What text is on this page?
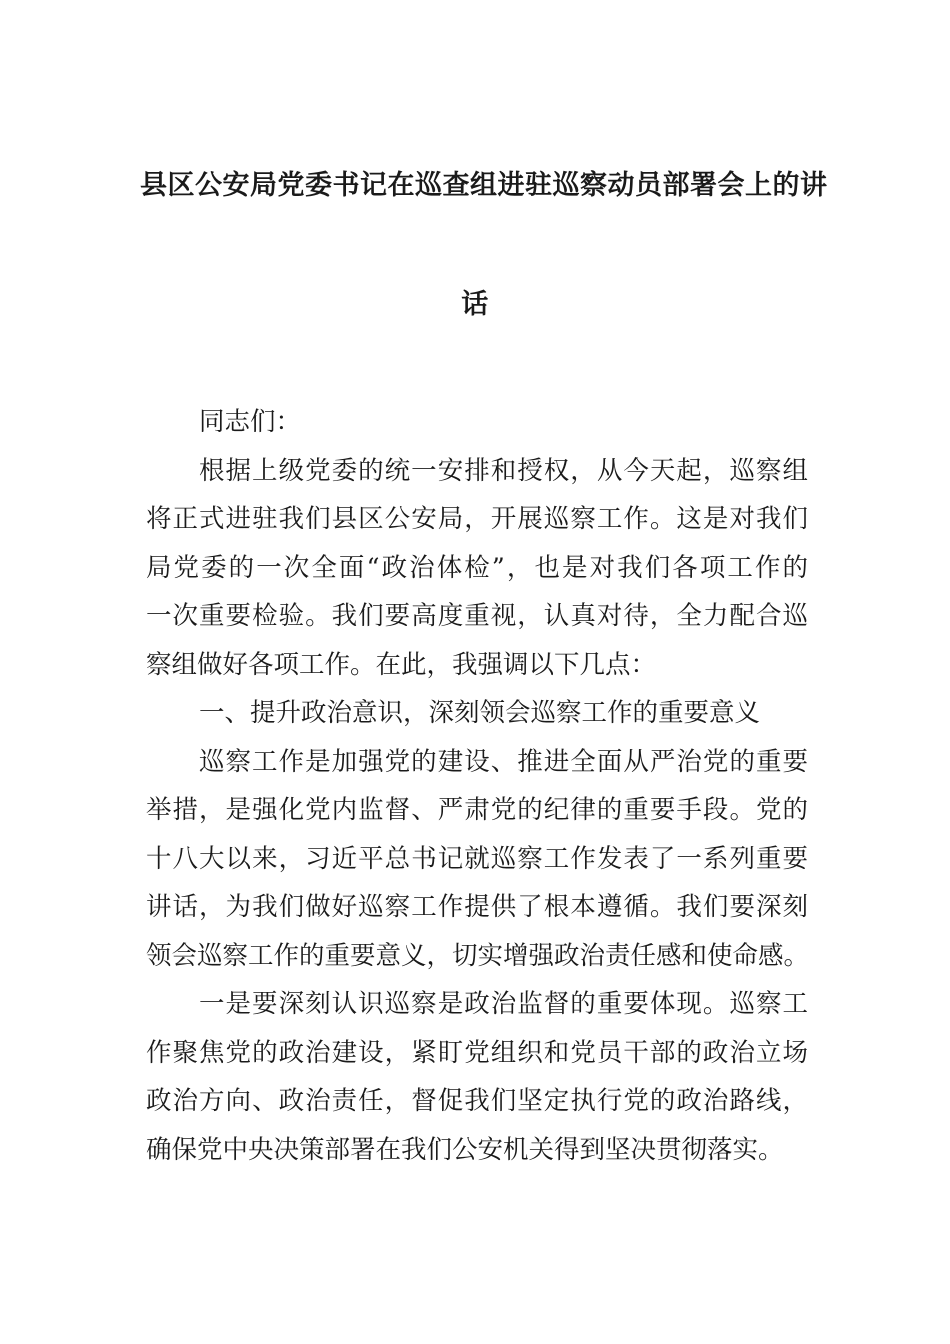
县区公安局党委书记在巡查组进驻巡察动员部署会上的讲
话
同志们：
根据上级党委的统一安排和授权，从今天起，巡察组
将正式进驻我们县区公安局，开展巡察工作。这是对我们
局党委的一次全面“政治体检”，也是对我们各项工作的
一次重要检验。我们要高度重视，认真对待，全力配合巡
察组做好各项工作。在此，我强调以下几点：
一、提升政治意识，深刻领会巡察工作的重要意义
巡察工作是加强党的建设、推进全面从严治党的重要
举措，是强化党内监督、严肃党的纪律的重要手段。党的
十八大以来，习近平总书记就巡察工作发表了一系列重要
讲话，为我们做好巡察工作提供了根本遵循。我们要深刻
领会巡察工作的重要意义，切实增强政治责任感和使命感。
一是要深刻认识巡察是政治监督的重要体现。巡察工
作聚焦党的政治建设，紧盯党组织和党员干部的政治立场
政治方向、政治责任，督促我们坚定执行党的政治路线，
确保党中央决策部署在我们公安机关得到坚决贯彻落实。
